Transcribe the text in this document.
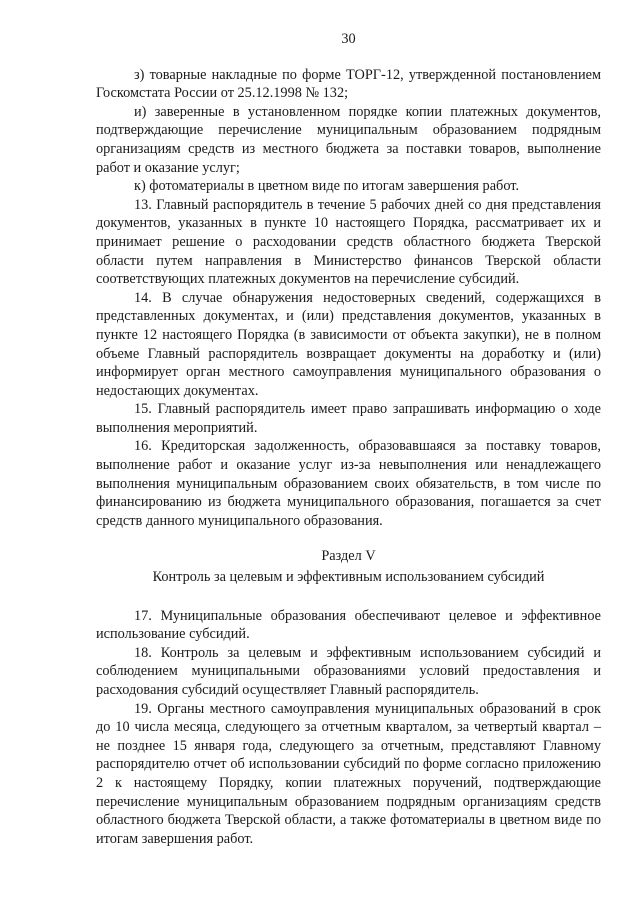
30

з) товарные накладные по форме ТОРГ-12, утвержденной постановлением Госкомстата России от 25.12.1998 № 132;

и) заверенные в установленном порядке копии платежных документов, подтверждающие перечисление муниципальным образованием подрядным организациям средств из местного бюджета за поставки товаров, выполнение работ и оказание услуг;

к) фотоматериалы в цветном виде по итогам завершения работ.

13. Главный распорядитель в течение 5 рабочих дней со дня представления документов, указанных в пункте 10 настоящего Порядка, рассматривает их и принимает решение о расходовании средств областного бюджета Тверской области путем направления в Министерство финансов Тверской области соответствующих платежных документов на перечисление субсидий.

14. В случае обнаружения недостоверных сведений, содержащихся в представленных документах, и (или) представления документов, указанных в пункте 12 настоящего Порядка (в зависимости от объекта закупки), не в полном объеме Главный распорядитель возвращает документы на доработку и (или) информирует орган местного самоуправления муниципального образования о недостающих документах.

15. Главный распорядитель имеет право запрашивать информацию о ходе выполнения мероприятий.

16. Кредиторская задолженность, образовавшаяся за поставку товаров, выполнение работ и оказание услуг из-за невыполнения или ненадлежащего выполнения муниципальным образованием своих обязательств, в том числе по финансированию из бюджета муниципального образования, погашается за счет средств данного муниципального образования.

Раздел V
Контроль за целевым и эффективным использованием субсидий

17. Муниципальные образования обеспечивают целевое и эффективное использование субсидий.

18. Контроль за целевым и эффективным использованием субсидий и соблюдением муниципальными образованиями условий предоставления и расходования субсидий осуществляет Главный распорядитель.

19. Органы местного самоуправления муниципальных образований в срок до 10 числа месяца, следующего за отчетным кварталом, за четвертый квартал – не позднее 15 января года, следующего за отчетным, представляют Главному распорядителю отчет об использовании субсидий по форме согласно приложению 2 к настоящему Порядку, копии платежных поручений, подтверждающие перечисление муниципальным образованием подрядным организациям средств областного бюджета Тверской области, а также фотоматериалы в цветном виде по итогам завершения работ.
